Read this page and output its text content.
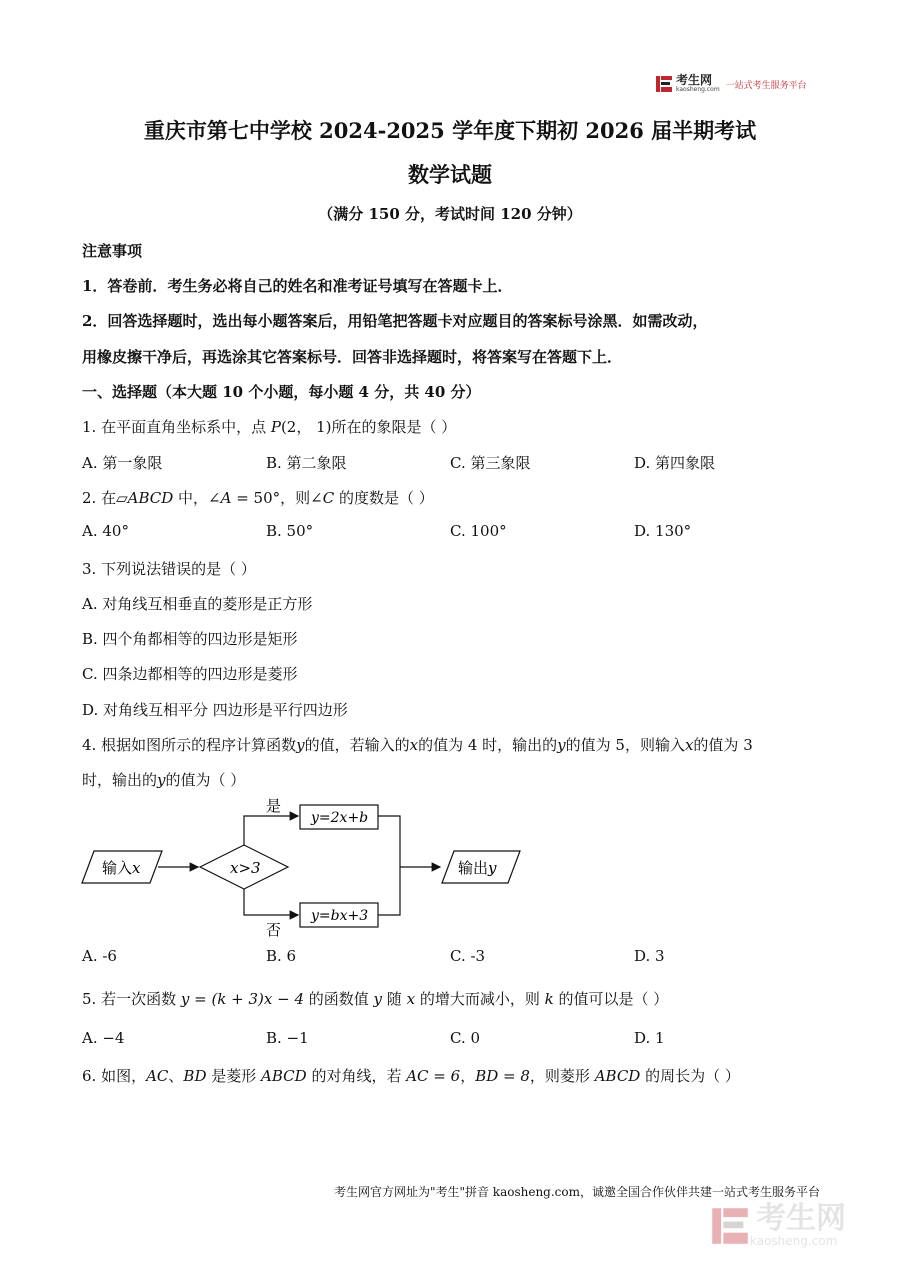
考生网
kaosheng.com 一站式考生服务平台
重庆市第七中学校 2024-2025 学年度下期初 2026 届半期考试
数学试题
（满分 150 分，考试时间 120 分钟）
注意事项
1．答卷前．考生务必将自己的姓名和准考证号填写在答题卡上．
2．回答选择题时，选出每小题答案后，用铅笔把答题卡对应题目的答案标号涂黑．如需改动，
用橡皮擦干净后，再选涂其它答案标号．回答非选择题时，将答案写在答题下上．
一、选择题（本大题 10 个小题，每小题 4 分，共 40 分）
1. 在平面直角坐标系中，点 P(2， 1)所在的象限是（ ）
A. 第一象限	B. 第二象限	C. 第三象限	D. 第四象限
2. 在▱ABCD 中，∠A = 50°，则∠C 的度数是（ ）
A. 40°	B. 50°	C. 100°	D. 130°
3. 下列说法错误的是（ ）
A. 对角线互相垂直的菱形是正方形
B. 四个角都相等的四边形是矩形
C. 四条边都相等的四边形是菱形
D. 对角线互相平分 四边形是平行四边形
4. 根据如图所示的程序计算函数y的值，若输入的x的值为 4 时，输出的y的值为 5，则输入x的值为 3
时，输出的y的值为（ ）
输入x	x>3
是
y=2x+b
否
y=bx+3
输出y
A. -6	B. 6	C. -3	D. 3
5. 若一次函数 y = (k + 3)x − 4 的函数值 y 随 x 的增大而减小，则 k 的值可以是（ ）
A. −4	B. −1	C. 0	D. 1
6. 如图，AC、BD 是菱形 ABCD 的对角线，若 AC = 6，BD = 8，则菱形 ABCD 的周长为（ ）
考生网官方网址为"考生"拼音 kaosheng.com，诚邀全国合作伙伴共建一站式考生服务平台
考生网
kaosheng.com
